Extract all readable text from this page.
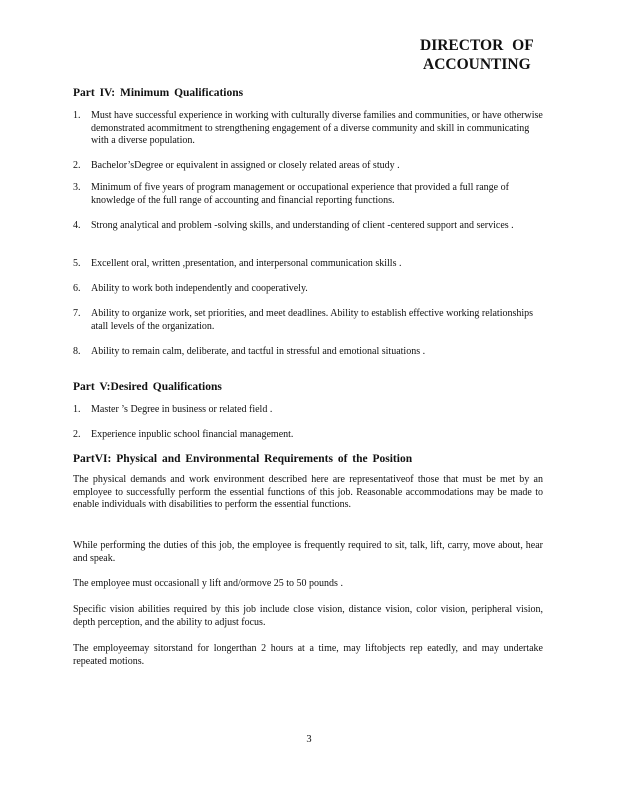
DIRECTOR OF
ACCOUNTING
Part IV: Minimum Qualifications
1. Must have successful experience in working with culturally diverse families and communities, or have otherwise demonstrated acommitment to strengthening engagement of a diverse community and skill in communicating with a diverse population.
2. Bachelor’sDegree or equivalent in assigned or closely related areas of study .
3. Minimum of five years of program management or occupational experience that provided a full range of knowledge of the full range of accounting and financial reporting functions.
4. Strong analytical and problem -solving skills, and understanding of client -centered support and services .
5. Excellent oral, written ,presentation, and interpersonal communication skills .
6. Ability to work both independently and cooperatively.
7. Ability to organize work, set priorities, and meet deadlines. Ability to establish effective working relationships atall levels of the organization.
8. Ability to remain calm, deliberate, and tactful in stressful and emotional situations .
Part V:Desired Qualifications
1. Master ’s Degree in business or related field .
2. Experience inpublic school financial management.
PartVI: Physical and Environmental Requirements of the Position

The physical demands and work environment described here are representativeof those that must be met by an employee to successfully perform the essential functions of this job. Reasonable accommodations may be made to enable individuals with disabilities to perform the essential functions.

While performing the duties of this job, the employee is frequently required to sit, talk, lift, carry, move about, hear and speak.

The employee must occasionall y lift and/ormove 25 to 50 pounds .

Specific vision abilities required by this job include close vision, distance vision, color vision, peripheral vision, depth perception, and the ability to adjust focus.

The employeemay sitorstand for longerthan 2 hours at a time, may liftobjects rep eatedly, and may undertake repeated motions.

3
